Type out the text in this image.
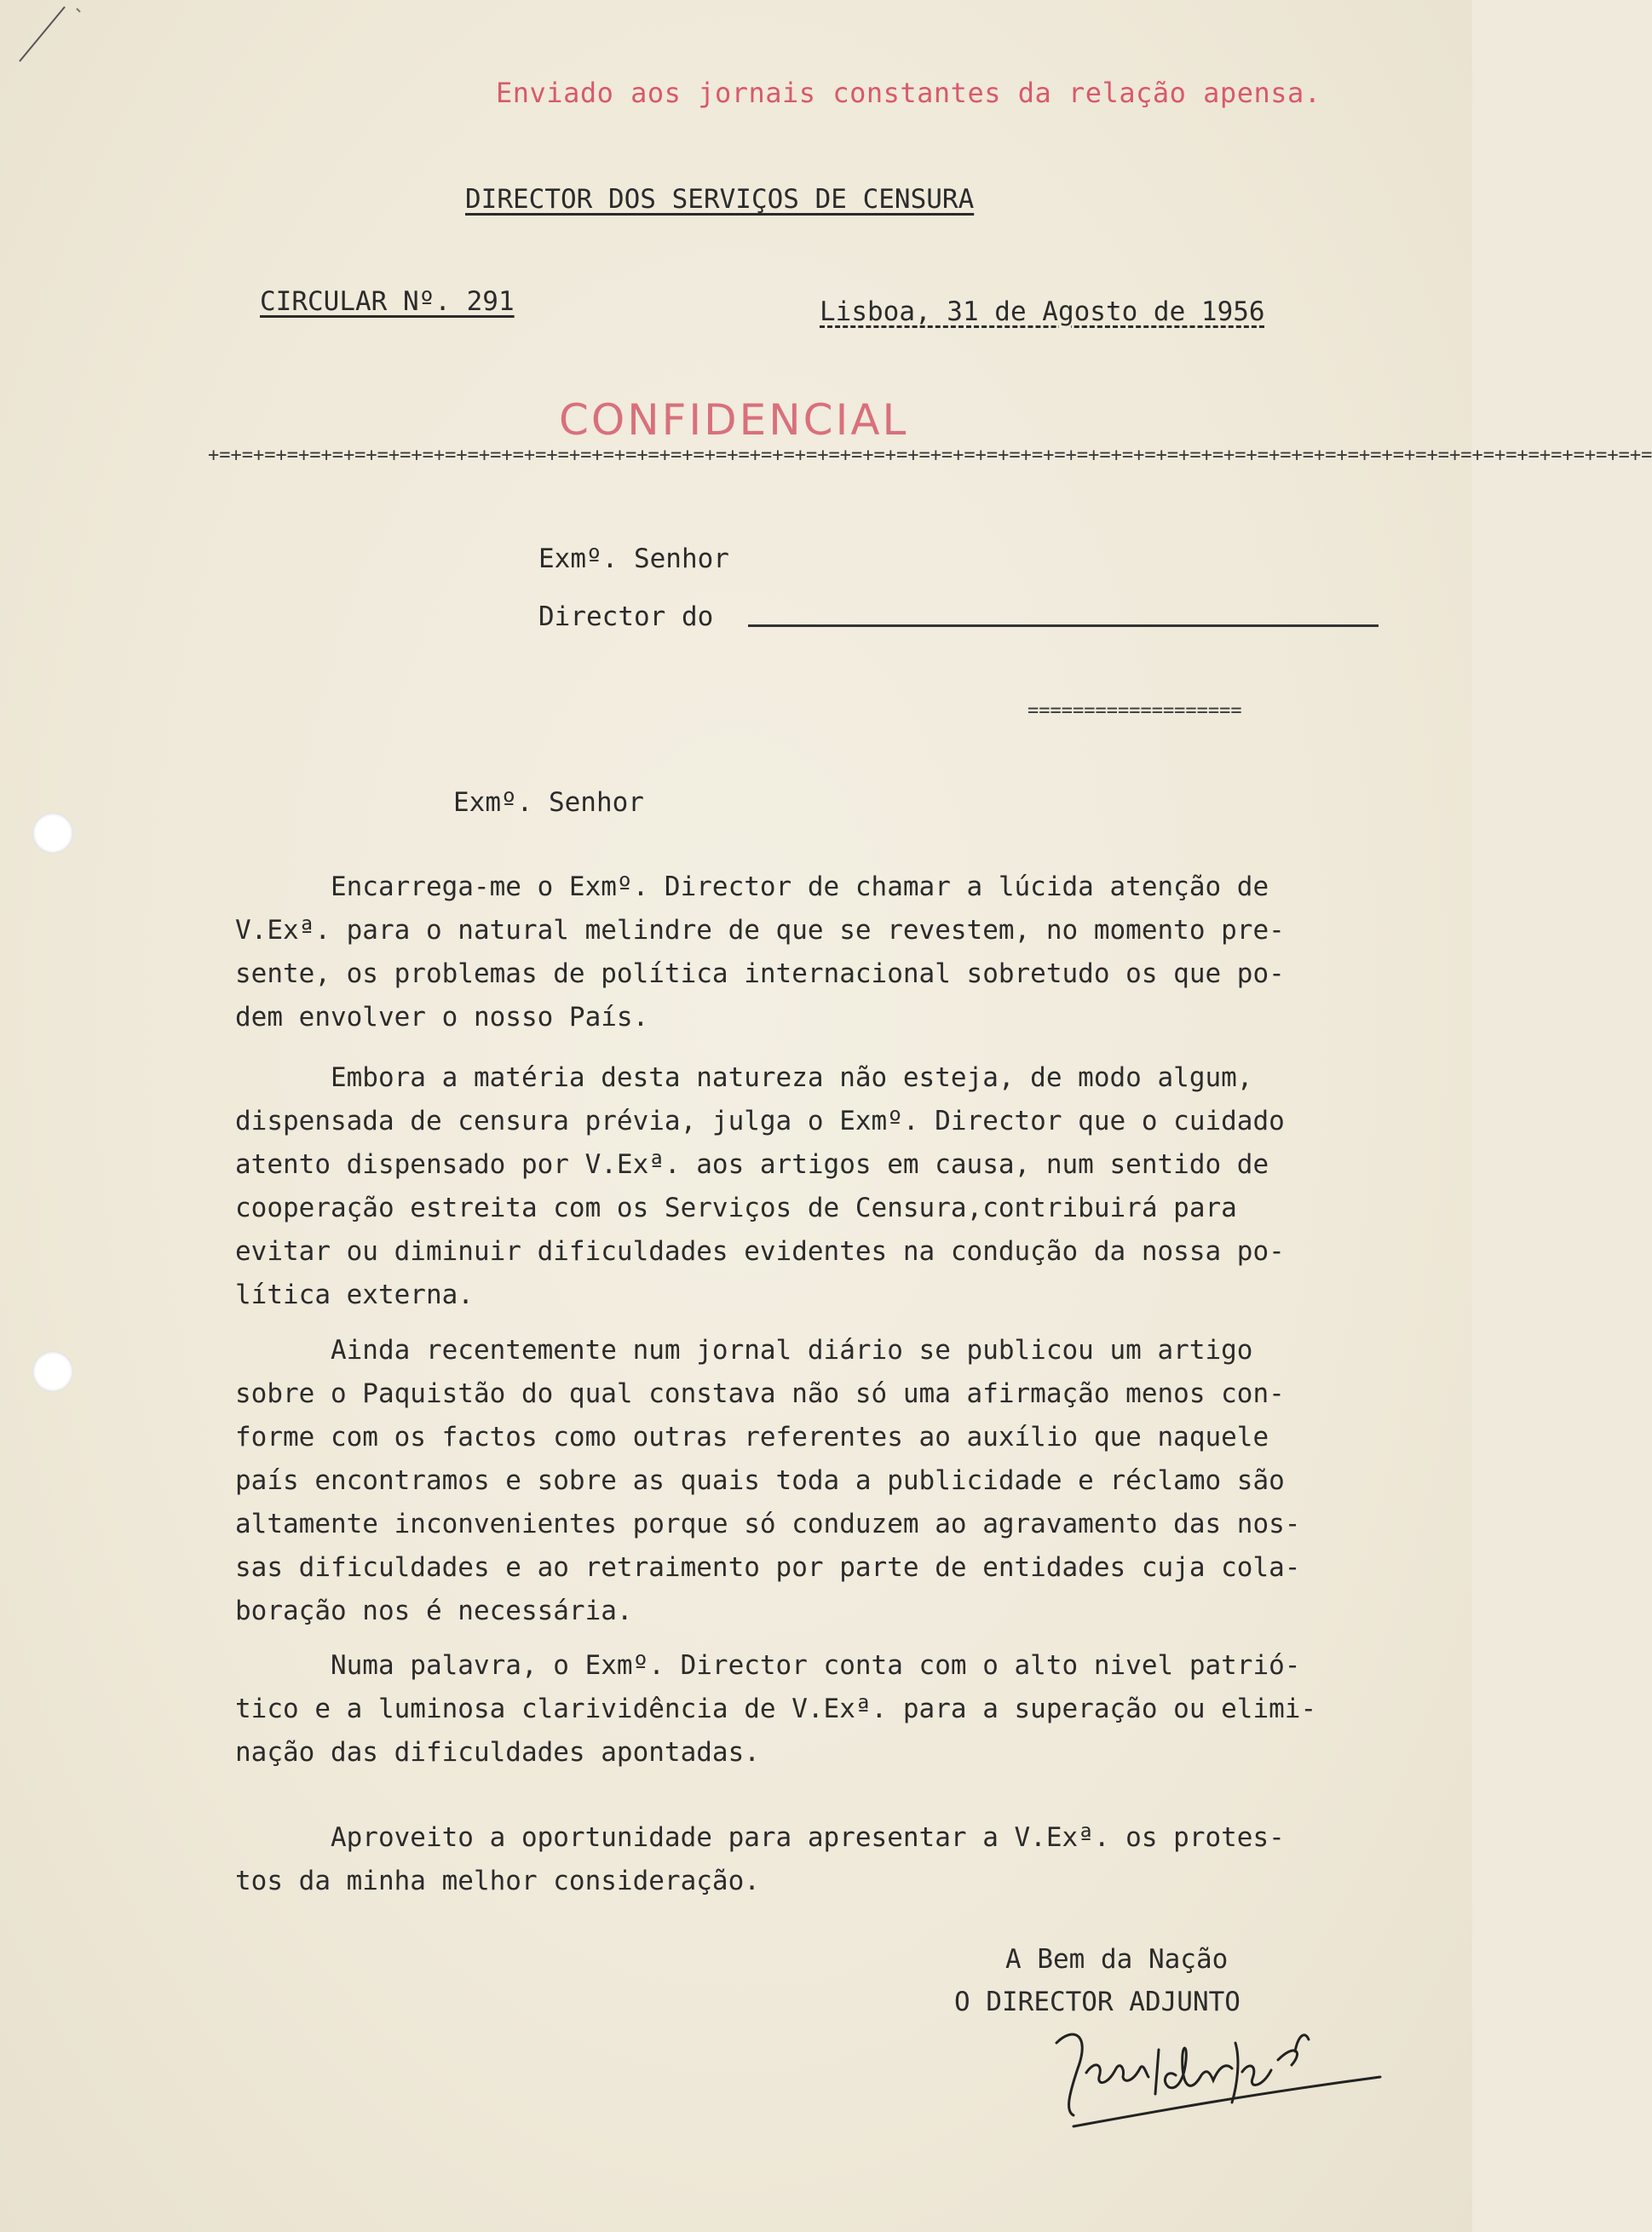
Enviado aos jornais constantes da relação apensa.
DIRECTOR DOS SERVIÇOS DE CENSURA
CIRCULAR Nº. 291	Lisboa, 31 de Agosto de 1956
CONFIDENCIAL
+=+=+=+=+=+=+=+=+=+=+=+=+=+=+=+=+=+=+=+=+=+=+=+=+=+=+=+=+=+=+=+=+=+=+=+=+=+=+=+=+=+=+=+=+=+=+=+=+=+=+=+=+=+=+=+=+=+=+=+=+=+=+=+=
Exmº. Senhor
Director do
===================
Exmº. Senhor
Encarrega-me o Exmº. Director de chamar a lúcida atenção de
V.Exª. para o natural melindre de que se revestem, no momento pre-
sente, os problemas de política internacional sobretudo os que po-
dem envolver o nosso País.
Embora a matéria desta natureza não esteja, de modo algum,
dispensada de censura prévia, julga o Exmº. Director que o cuidado
atento dispensado por V.Exª. aos artigos em causa, num sentido de
cooperação estreita com os Serviços de Censura,contribuirá para
evitar ou diminuir dificuldades evidentes na condução da nossa po-
lítica externa.
Ainda recentemente num jornal diário se publicou um artigo
sobre o Paquistão do qual constava não só uma afirmação menos con-
forme com os factos como outras referentes ao auxílio que naquele
país encontramos e sobre as quais toda a publicidade e réclamo são
altamente inconvenientes porque só conduzem ao agravamento das nos-
sas dificuldades e ao retraimento por parte de entidades cuja cola-
boração nos é necessária.
Numa palavra, o Exmº. Director conta com o alto nivel patrió-
tico e a luminosa clarividência de V.Exª. para a superação ou elimi-
nação das dificuldades apontadas.
Aproveito a oportunidade para apresentar a V.Exª. os protes-
tos da minha melhor consideração.
A Bem da Nação
O DIRECTOR ADJUNTO
